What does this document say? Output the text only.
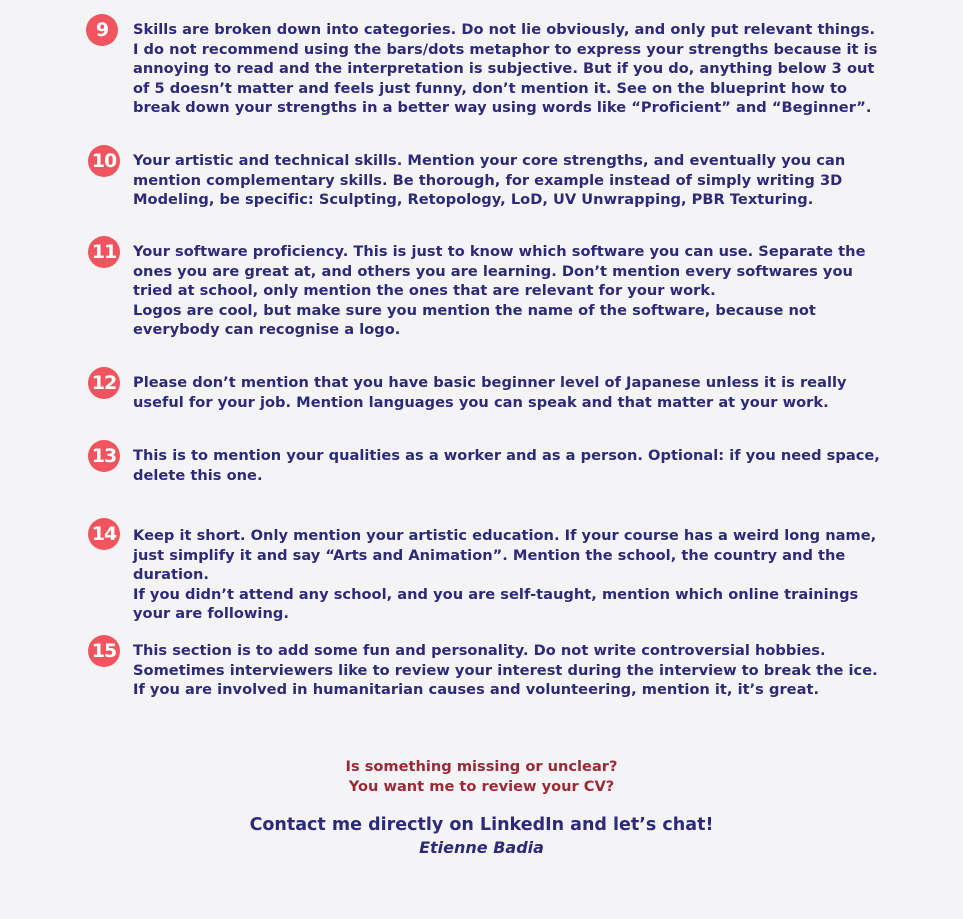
9	Skills are broken down into categories. Do not lie obviously, and only put relevant things.

I do not recommend using the bars/dots metaphor to express your strengths because it is annoying to read and the interpretation is subjective. But if you do, anything below 3 out of 5 doesn’t matter and feels just funny, don’t mention it. See on the blueprint how to break down your strengths in a better way using words like “Proficient” and “Beginner”.

10 Your artistic and technical skills. Mention your core strengths, and eventually you can mention complementary skills. Be thorough, for example instead of simply writing 3D Modeling, be specific: Sculpting, Retopology, LoD, UV Unwrapping, PBR Texturing.

11 Your software proficiency. This is just to know which software you can use. Separate the ones you are great at, and others you are learning. Don’t mention every softwares you tried at school, only mention the ones that are relevant for your work.

Logos are cool, but make sure you mention the name of the software, because not everybody can recognise a logo.

12 Please don’t mention that you have basic beginner level of Japanese unless it is really useful for your job. Mention languages you can speak and that matter at your work.

13 This is to mention your qualities as a worker and as a person. Optional: if you need space, delete this one.

14 Keep it short. Only mention your artistic education. If your course has a weird long name, just simplify it and say “Arts and Animation”. Mention the school, the country and the duration.

If you didn’t attend any school, and you are self-taught, mention which online trainings your are following.

15 This section is to add some fun and personality. Do not write controversial hobbies. Sometimes interviewers like to review your interest during the interview to break the ice. If you are involved in humanitarian causes and volunteering, mention it, it’s great.

Is something missing or unclear?
You want me to review your CV?
Contact me directly on LinkedIn and let’s chat!
Etienne Badia
